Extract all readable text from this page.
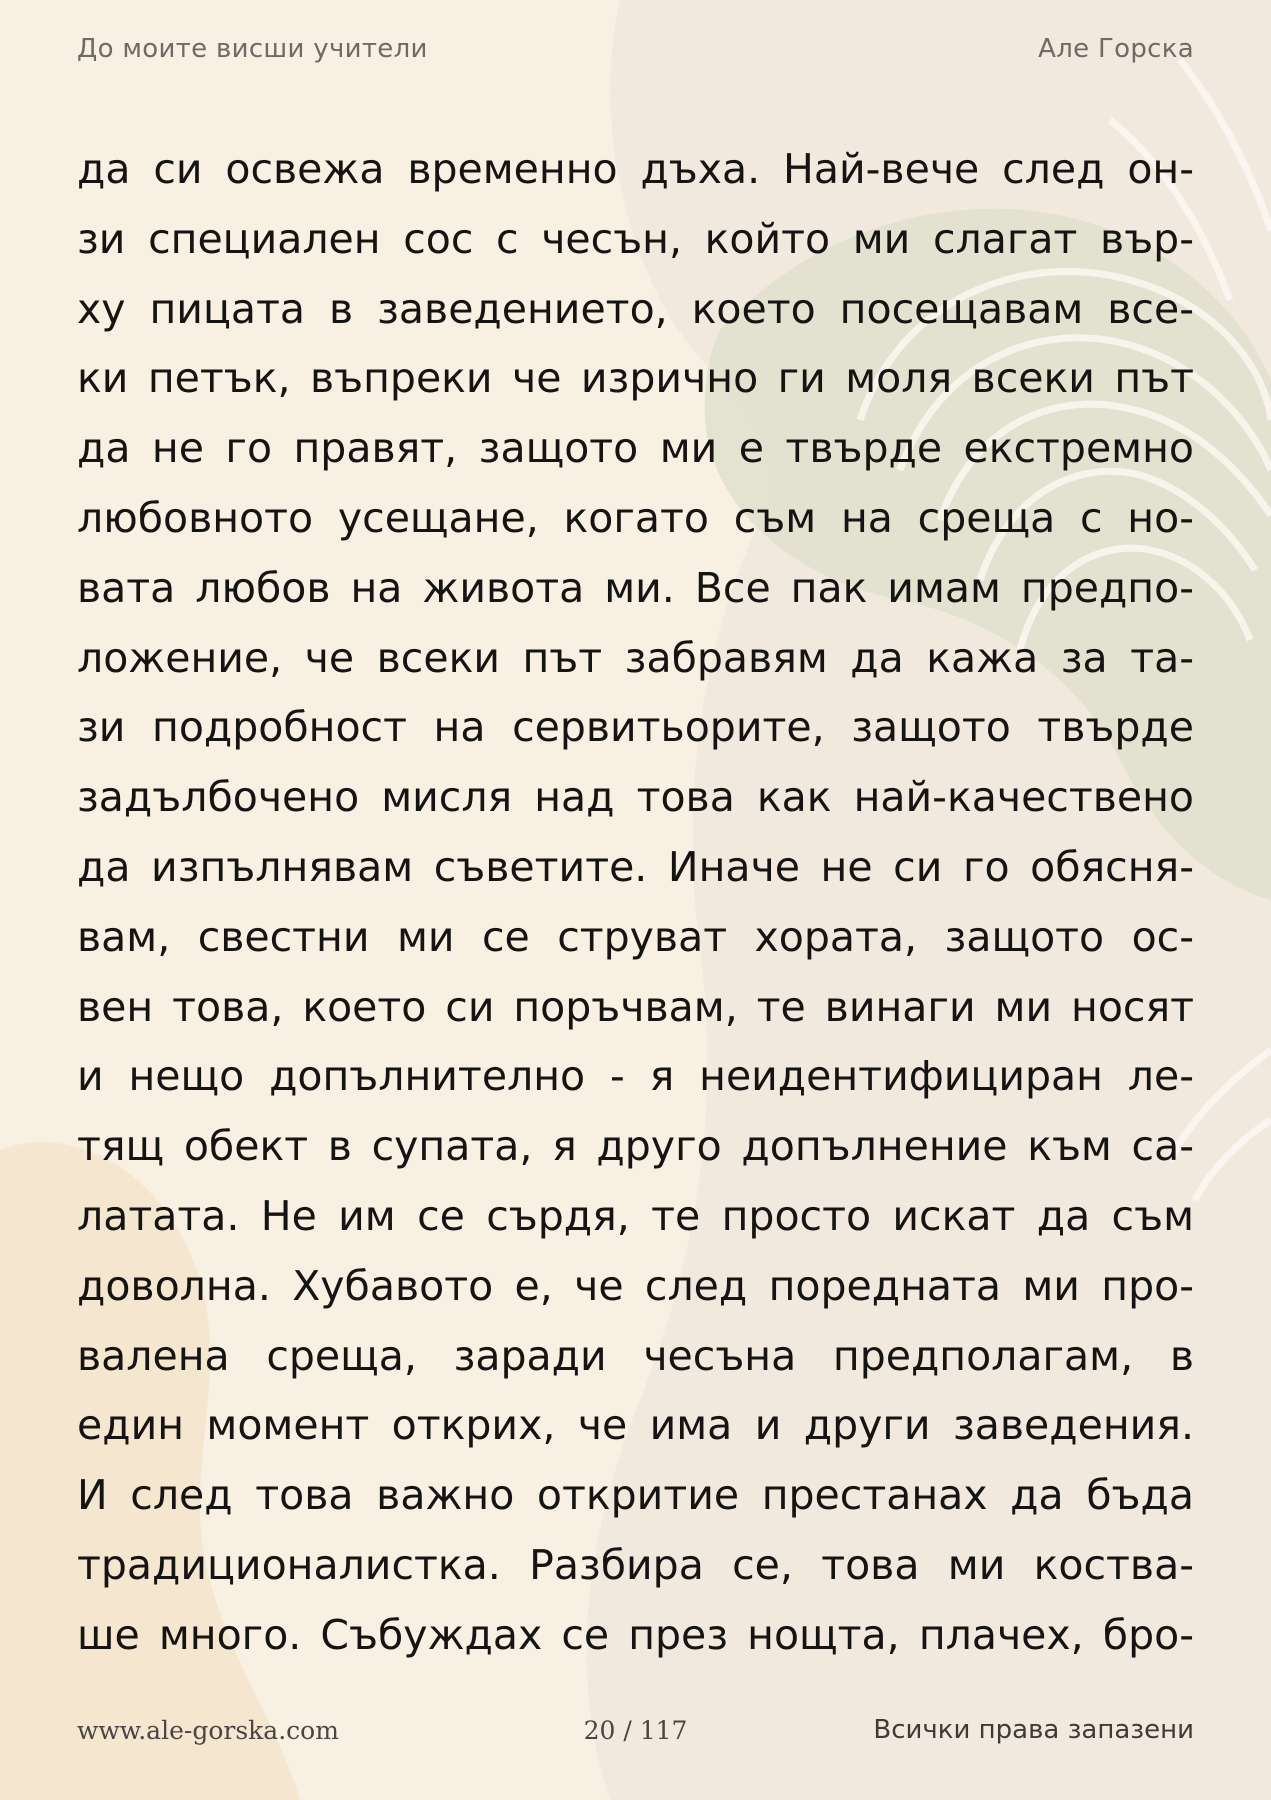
До моите висши учители	Але Горска
да си освежа временно дъха. Най-вече след он-
зи специален сос с чесън, който ми слагат вър-
ху пицата в заведението, което посещавам все-
ки петък, въпреки че изрично ги моля всеки път
да не го правят, защото ми е твърде екстремно
любовното усещане, когато съм на среща с но-
вата любов на живота ми. Все пак имам предпо-
ложение, че всеки път забравям да кажа за та-
зи подробност на сервитьорите, защото твърде
задълбочено мисля над това как най-качествено
да изпълнявам съветите. Иначе не си го обясня-
вам, свестни ми се струват хората, защото ос-
вен това, което си поръчвам, те винаги ми носят
и нещо допълнително - я неидентифициран ле-
тящ обект в супата, я друго допълнение към са-
латата. Не им се сърдя, те просто искат да съм
доволна. Хубавото е, че след поредната ми про-
валена среща, заради чесъна предполагам, в
един момент открих, че има и други заведения.
И след това важно откритие престанах да бъда
традиционалистка. Разбира се, това ми коства-
ше много. Събуждах се през нощта, плачех, бро-
www.ale-gorska.com	20 / 117	Всички права запазени
